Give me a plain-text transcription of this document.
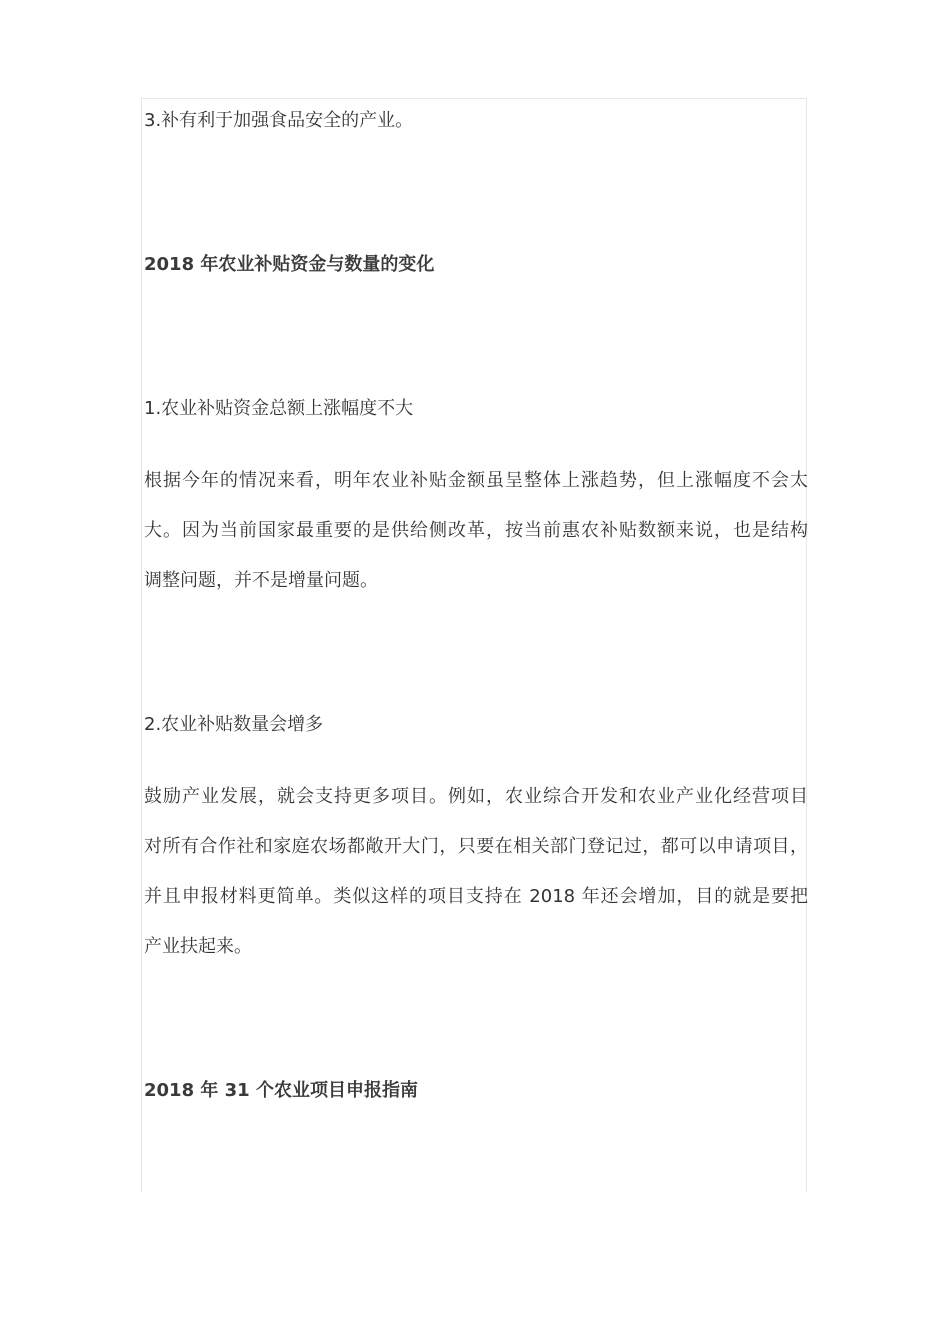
3.补有利于加强食品安全的产业。
2018 年农业补贴资金与数量的变化
1.农业补贴资金总额上涨幅度不大
根据今年的情况来看，明年农业补贴金额虽呈整体上涨趋势，但上涨幅度不会太
大。因为当前国家最重要的是供给侧改革，按当前惠农补贴数额来说，也是结构
调整问题，并不是增量问题。
2.农业补贴数量会增多
鼓励产业发展，就会支持更多项目。例如，农业综合开发和农业产业化经营项目
对所有合作社和家庭农场都敞开大门，只要在相关部门登记过，都可以申请项目，
并且申报材料更简单。类似这样的项目支持在 2018 年还会增加，目的就是要把
产业扶起来。
2018 年 31 个农业项目申报指南
